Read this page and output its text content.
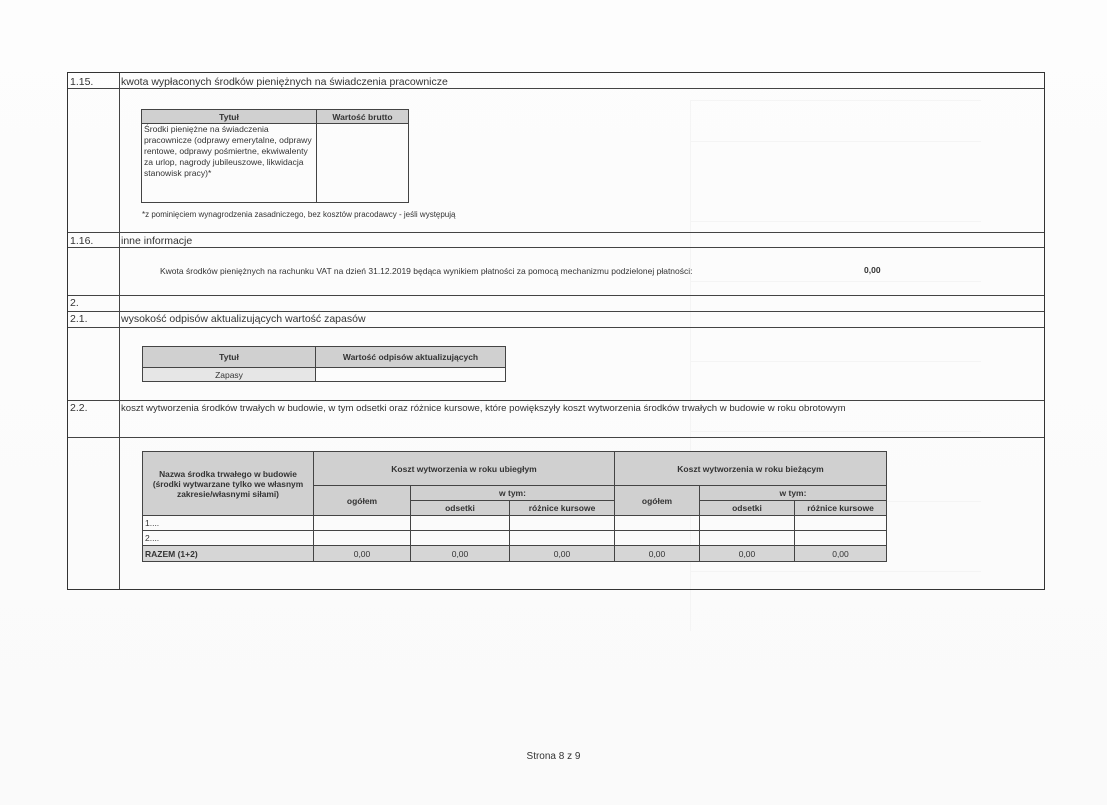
1.15.	kwota wypłaconych środków pieniężnych na świadczenia pracownicze
Tytuł	Wartość brutto
Środki pieniężne na świadczenia pracownicze (odprawy emerytalne, odprawy rentowe, odprawy pośmiertne, ekwiwalenty za urlop, nagrody jubileuszowe, likwidacja stanowisk pracy)*	
*z pominięciem wynagrodzenia zasadniczego, bez kosztów pracodawcy - jeśli występują
1.16.	inne informacje
Kwota środków pieniężnych na rachunku VAT na dzień 31.12.2019 będąca wynikiem płatności za pomocą mechanizmu podzielonej płatności:	0,00
2.
2.1.	wysokość odpisów aktualizujących wartość zapasów
Tytuł	Wartość odpisów aktualizujących
Zapasy	
2.2.	koszt wytworzenia środków trwałych w budowie, w tym odsetki oraz różnice kursowe, które powiększyły koszt wytworzenia środków trwałych w budowie w roku obrotowym
Nazwa środka trwałego w budowie (środki wytwarzane tylko we własnym zakresie/własnymi siłami)	Koszt wytworzenia w roku ubiegłym			Koszt wytworzenia w roku bieżącym		
	ogółem	w tym:		ogółem	w tym:	
		odsetki	różnice kursowe		odsetki	różnice kursowe
1....						
2....						
RAZEM (1+2)	0,00	0,00	0,00	0,00	0,00	0,00
Strona 8 z 9
